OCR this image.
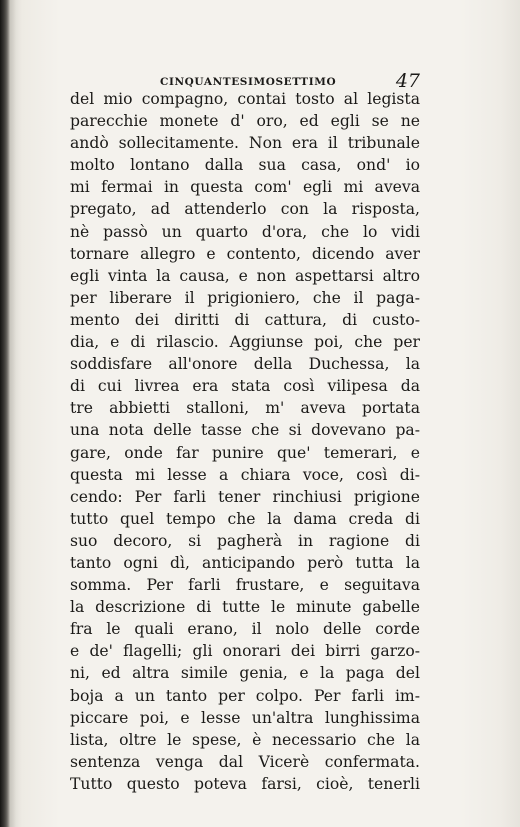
CINQUANTESIMOSETTIMO	47
del mio compagno, contai tosto al legista
parecchie monete d' oro, ed egli se ne
andò sollecitamente. Non era il tribunale
molto lontano dalla sua casa, ond' io
mi fermai in questa com' egli mi aveva
pregato, ad attenderlo con la risposta,
nè passò un quarto d'ora, che lo vidi
tornare allegro e contento, dicendo aver
egli vinta la causa, e non aspettarsi altro
per liberare il prigioniero, che il paga-
mento dei diritti di cattura, di custo-
dia, e di rilascio. Aggiunse poi, che per
soddisfare all'onore della Duchessa, la
di cui livrea era stata così vilipesa da
tre abbietti stalloni, m' aveva portata
una nota delle tasse che si dovevano pa-
gare, onde far punire que' temerari, e
questa mi lesse a chiara voce, così di-
cendo: Per farli tener rinchiusi prigione
tutto quel tempo che la dama creda di
suo decoro, si pagherà in ragione di
tanto ogni dì, anticipando però tutta la
somma. Per farli frustare, e seguitava
la descrizione di tutte le minute gabelle
fra le quali erano, il nolo delle corde
e de' flagelli; gli onorari dei birri garzo-
ni, ed altra simile genia, e la paga del
boja a un tanto per colpo. Per farli im-
piccare poi, e lesse un'altra lunghissima
lista, oltre le spese, è necessario che la
sentenza venga dal Vicerè confermata.
Tutto questo poteva farsi, cioè, tenerli
